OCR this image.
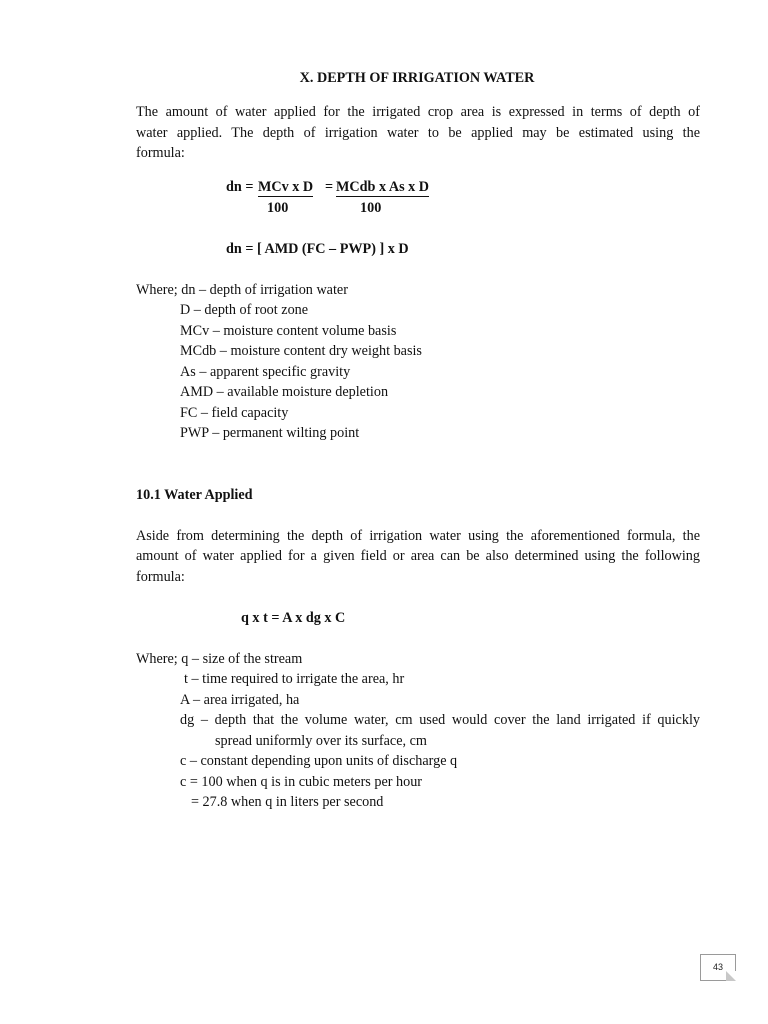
X. DEPTH OF IRRIGATION WATER
The amount of water applied for the irrigated crop area is expressed in terms of depth of
water applied. The depth of irrigation water to be applied may be estimated using the
formula:
dn = MCv x D = MCdb x As x D
100	100
dn = [ AMD (FC – PWP) ] x D
Where; dn – depth of irrigation water
D – depth of root zone
MCv – moisture content volume basis
MCdb – moisture content dry weight basis
As – apparent specific gravity
AMD – available moisture depletion
FC – field capacity
PWP – permanent wilting point
10.1 Water Applied
Aside from determining the depth of irrigation water using the aforementioned formula, the
amount of water applied for a given field or area can be also determined using the following
formula:
q x t = A x dg x C
Where; q – size of the stream
t – time required to irrigate the area, hr
A – area irrigated, ha
dg – depth that the volume water, cm used would cover the land irrigated if quickly
spread uniformly over its surface, cm
c – constant depending upon units of discharge q
c = 100 when q is in cubic meters per hour
= 27.8 when q in liters per second
43
